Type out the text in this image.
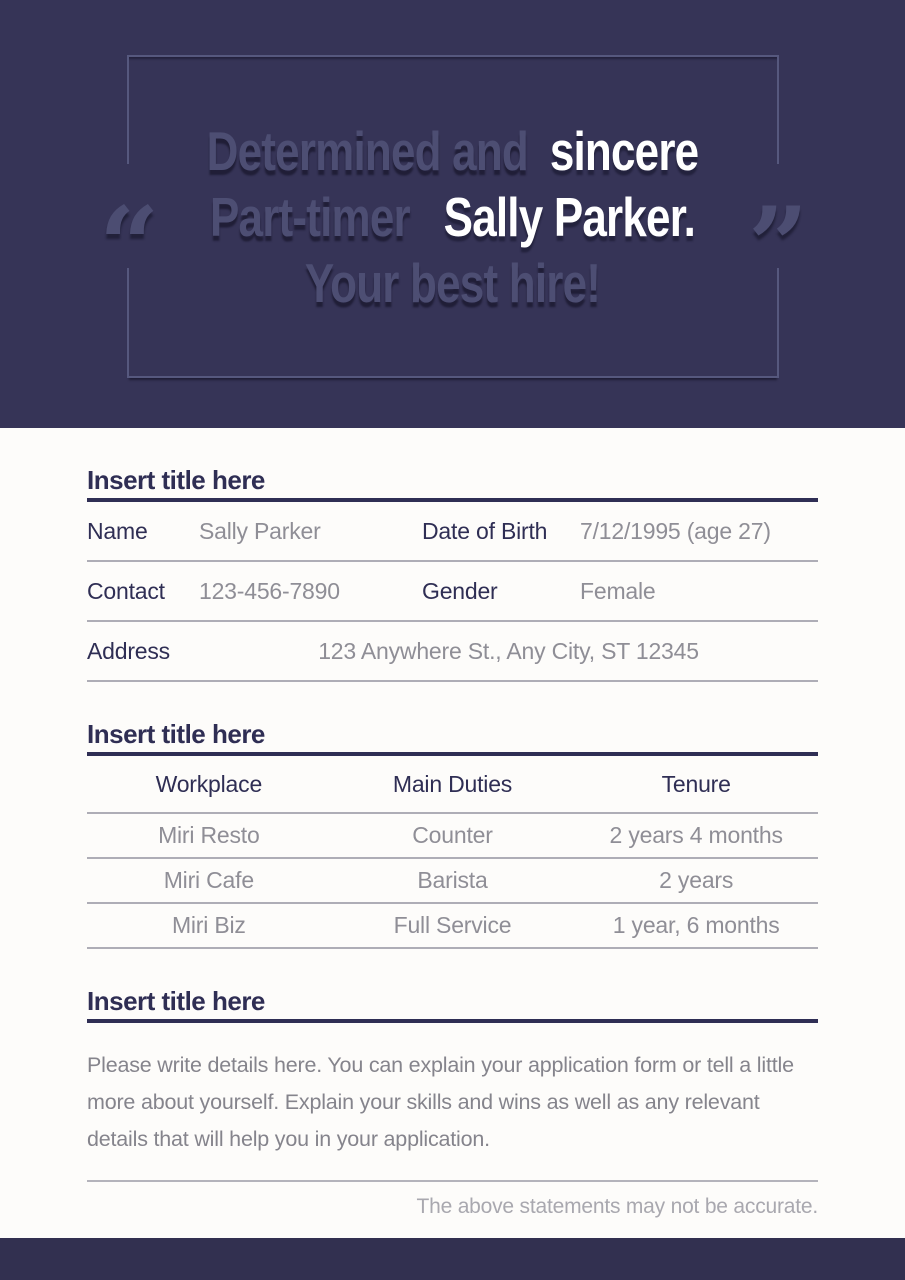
Determined and sincere
Part-timer Sally Parker.
Your best hire!
“	”
Insert title here
Name	Sally Parker	Date of Birth	7/12/1995 (age 27)
Contact	123-456-7890	Gender	Female
Address	123 Anywhere St., Any City, ST 12345
Insert title here
Workplace	Main Duties	Tenure
Miri Resto	Counter	2 years 4 months
Miri Cafe	Barista	2 years
Miri Biz	Full Service	1 year, 6 months
Insert title here

Please write details here. You can explain your application form or tell a little more about yourself. Explain your skills and wins as well as any relevant details that will help you in your application.

The above statements may not be accurate.
